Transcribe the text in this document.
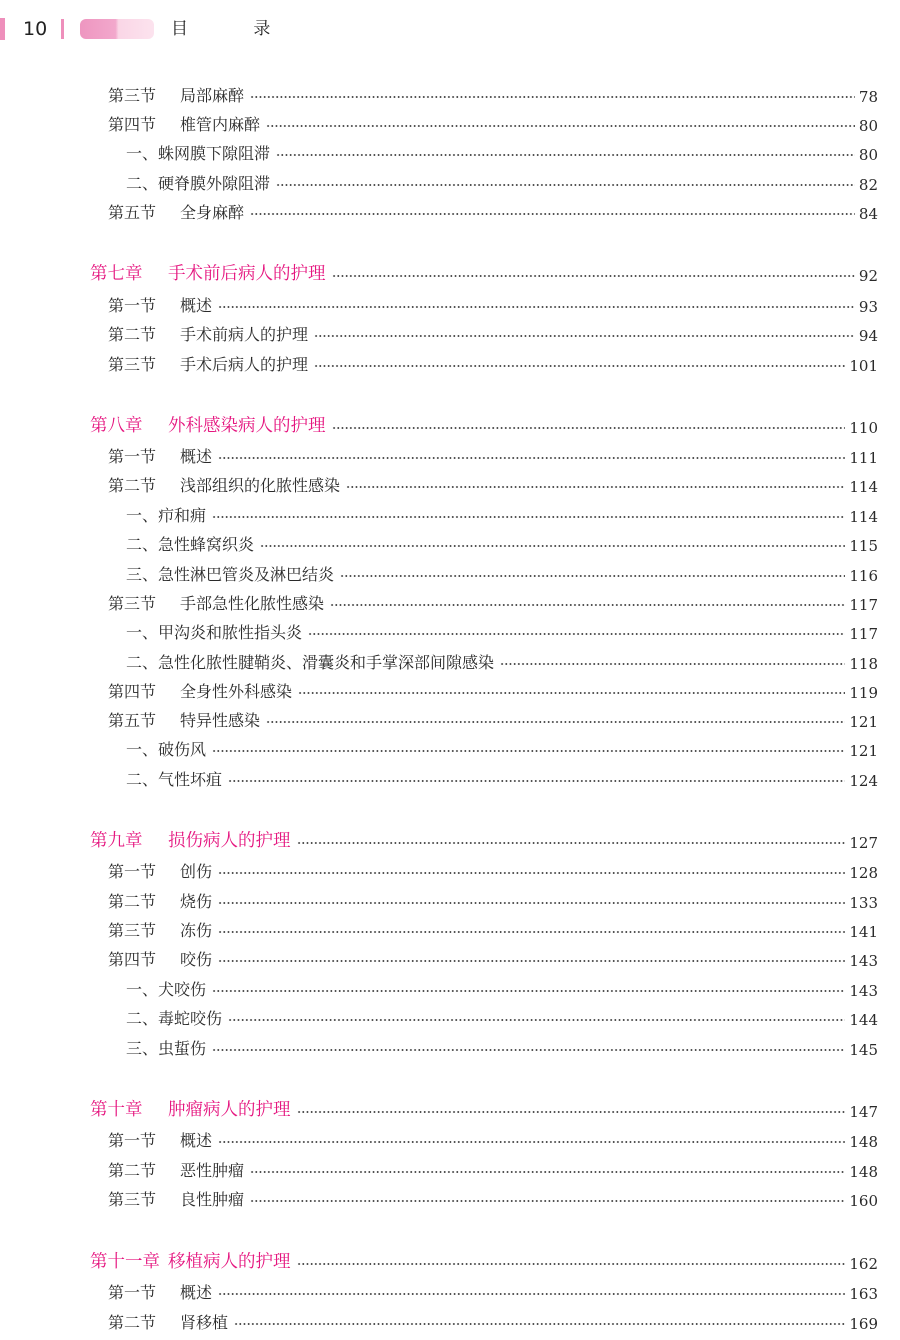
10	目 录
第三节	局部麻醉	78
第四节	椎管内麻醉	80
一、蛛网膜下隙阻滞	80
二、硬脊膜外隙阻滞	82
第五节	全身麻醉	84
第七章	手术前后病人的护理	92
第一节	概述	93
第二节	手术前病人的护理	94
第三节	手术后病人的护理	101
第八章	外科感染病人的护理	110
第一节	概述	111
第二节	浅部组织的化脓性感染	114
一、疖和痈	114
二、急性蜂窝织炎	115
三、急性淋巴管炎及淋巴结炎	116
第三节	手部急性化脓性感染	117
一、甲沟炎和脓性指头炎	117
二、急性化脓性腱鞘炎、滑囊炎和手掌深部间隙感染	118
第四节	全身性外科感染	119
第五节	特异性感染	121
一、破伤风	121
二、气性坏疽	124
第九章	损伤病人的护理	127
第一节	创伤	128
第二节	烧伤	133
第三节	冻伤	141
第四节	咬伤	143
一、犬咬伤	143
二、毒蛇咬伤	144
三、虫蜇伤	145
第十章	肿瘤病人的护理	147
第一节	概述	148
第二节	恶性肿瘤	148
第三节	良性肿瘤	160
第十一章 移植病人的护理	162
第一节	概述	163
第二节	肾移植	169
